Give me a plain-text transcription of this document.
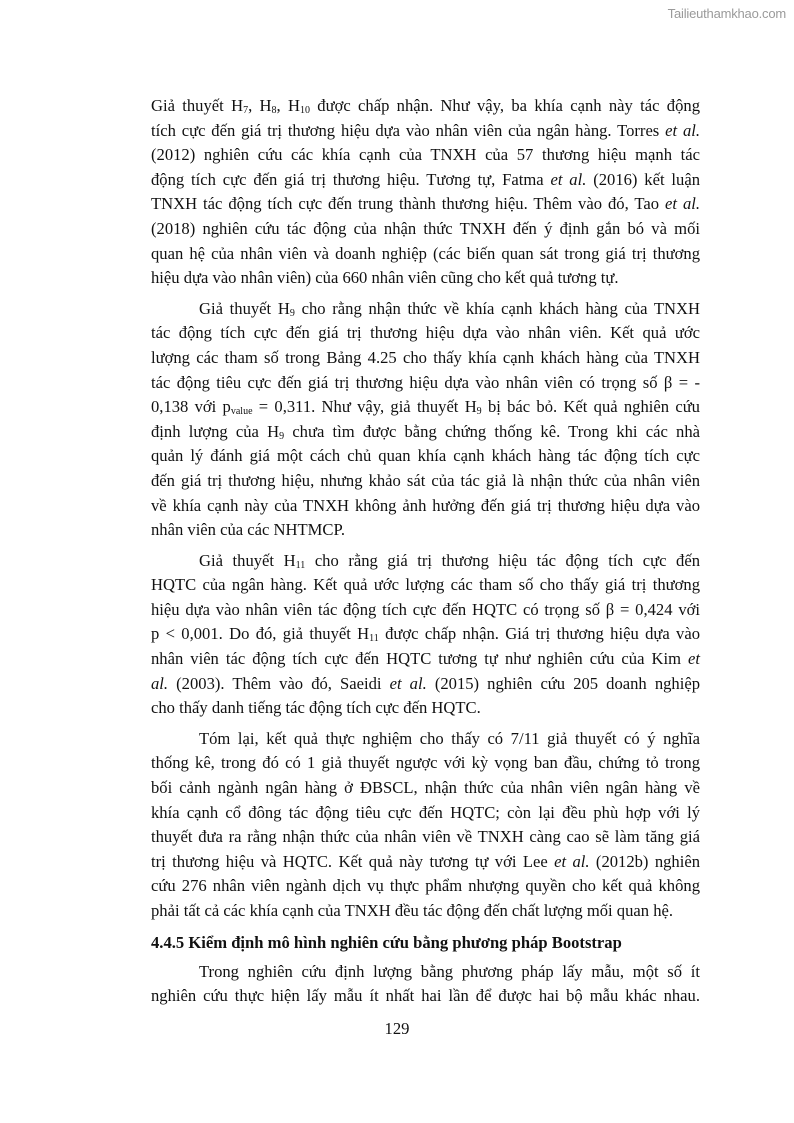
Tailieuthamkhao.com
Giả thuyết $H_7$, $H_8$, $H_{10}$ được chấp nhận. Như vậy, ba khía cạnh này tác động
tích cực đến giá trị thương hiệu dựa vào nhân viên của ngân hàng. Torres et al.
(2012) nghiên cứu các khía cạnh của TNXH của 57 thương hiệu mạnh tác
động tích cực đến giá trị thương hiệu. Tương tự, Fatma et al. (2016) kết luận
TNXH tác động tích cực đến trung thành thương hiệu. Thêm vào đó, Tao et al.
(2018) nghiên cứu tác động của nhận thức TNXH đến ý định gắn bó và mối
quan hệ của nhân viên và doanh nghiệp (các biến quan sát trong giá trị thương
hiệu dựa vào nhân viên) của 660 nhân viên cũng cho kết quả tương tự.
Giả thuyết $H_9$ cho rằng nhận thức về khía cạnh khách hàng của TNXH
tác động tích cực đến giá trị thương hiệu dựa vào nhân viên. Kết quả ước
lượng các tham số trong Bảng 4.25 cho thấy khía cạnh khách hàng của TNXH
tác động tiêu cực đến giá trị thương hiệu dựa vào nhân viên có trọng số β = -
0,138 với $p_{value} = 0,311$. Như vậy, giả thuyết $H_9$ bị bác bỏ. Kết quả nghiên cứu
định lượng của $H_9$ chưa tìm được bằng chứng thống kê. Trong khi các nhà
quản lý đánh giá một cách chủ quan khía cạnh khách hàng tác động tích cực
đến giá trị thương hiệu, nhưng khảo sát của tác giả là nhận thức của nhân viên
về khía cạnh này của TNXH không ảnh hưởng đến giá trị thương hiệu dựa vào
nhân viên của các NHTMCP.
Giả thuyết $H_{11}$ cho rằng giá trị thương hiệu tác động tích cực đến
HQTC của ngân hàng. Kết quả ước lượng các tham số cho thấy giá trị thương
hiệu dựa vào nhân viên tác động tích cực đến HQTC có trọng số β = 0,424 với
p < 0,001. Do đó, giả thuyết $H_{11}$ được chấp nhận. Giá trị thương hiệu dựa vào
nhân viên tác động tích cực đến HQTC tương tự như nghiên cứu của Kim et
al. (2003). Thêm vào đó, Saeidi et al. (2015) nghiên cứu 205 doanh nghiệp
cho thấy danh tiếng tác động tích cực đến HQTC.
Tóm lại, kết quả thực nghiệm cho thấy có 7/11 giả thuyết có ý nghĩa
thống kê, trong đó có 1 giả thuyết ngược với kỳ vọng ban đầu, chứng tỏ trong
bối cảnh ngành ngân hàng ở ĐBSCL, nhận thức của nhân viên ngân hàng về
khía cạnh cổ đông tác động tiêu cực đến HQTC; còn lại đều phù hợp với lý
thuyết đưa ra rằng nhận thức của nhân viên về TNXH càng cao sẽ làm tăng giá
trị thương hiệu và HQTC. Kết quả này tương tự với Lee et al. (2012b) nghiên
cứu 276 nhân viên ngành dịch vụ thực phẩm nhượng quyền cho kết quả không
phải tất cả các khía cạnh của TNXH đều tác động đến chất lượng mối quan hệ.
4.4.5 Kiểm định mô hình nghiên cứu bằng phương pháp Bootstrap
Trong nghiên cứu định lượng bằng phương pháp lấy mẫu, một số ít
nghiên cứu thực hiện lấy mẫu ít nhất hai lần để được hai bộ mẫu khác nhau.
129
